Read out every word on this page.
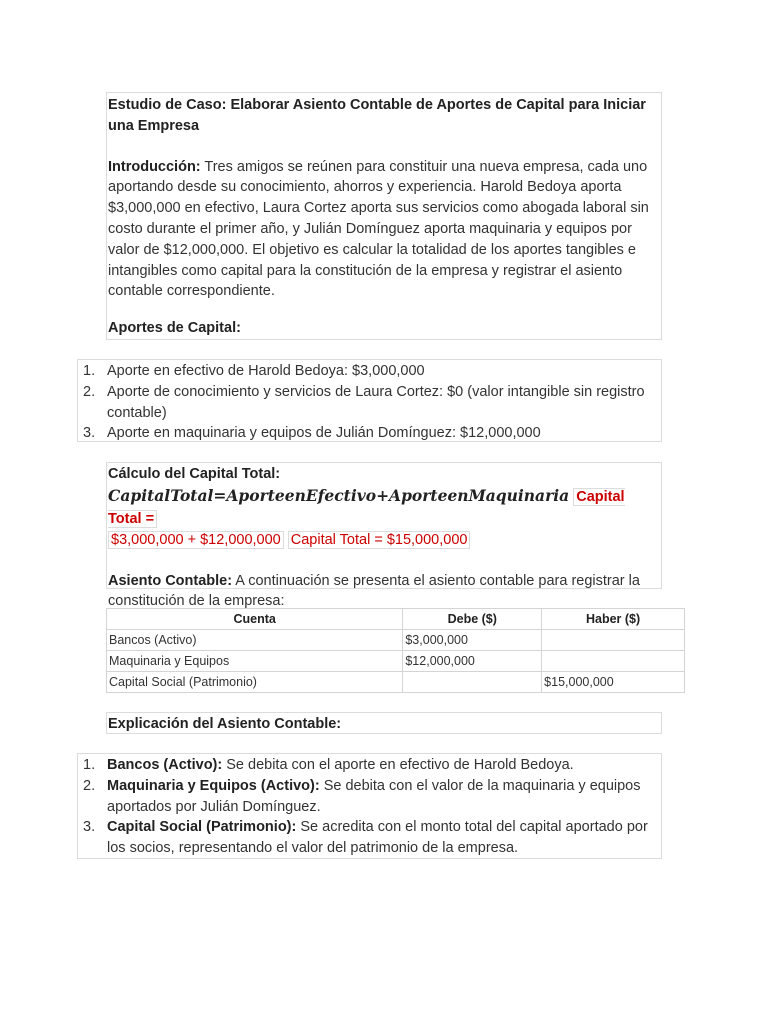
Estudio de Caso: Elaborar Asiento Contable de Aportes de Capital para Iniciar una Empresa

Introducción: Tres amigos se reúnen para constituir una nueva empresa, cada uno aportando desde su conocimiento, ahorros y experiencia. Harold Bedoya aporta $3,000,000 en efectivo, Laura Cortez aporta sus servicios como abogada laboral sin costo durante el primer año, y Julián Domínguez aporta maquinaria y equipos por valor de $12,000,000. El objetivo es calcular la totalidad de los aportes tangibles e intangibles como capital para la constitución de la empresa y registrar el asiento contable correspondiente.

Aportes de Capital:

1. Aporte en efectivo de Harold Bedoya: $3,000,000
2. Aporte de conocimiento y servicios de Laura Cortez: $0 (valor intangible sin registro contable)
3. Aporte en maquinaria y equipos de Julián Domínguez: $12,000,000

Cálculo del Capital Total:

CapitalTotal=AporteenEfectivo+AporteenMaquinaria Capital Total =

$3,000,000 + $12,000,000 Capital Total = $15,000,000

Asiento Contable: A continuación se presenta el asiento contable para registrar la constitución de la empresa:

Cuenta	Debe ($)	Haber ($)
Bancos (Activo)	$3,000,000	
Maquinaria y Equipos	$12,000,000	
Capital Social (Patrimonio)		$15,000,000

Explicación del Asiento Contable:

1. Bancos (Activo): Se debita con el aporte en efectivo de Harold Bedoya.
2. Maquinaria y Equipos (Activo): Se debita con el valor de la maquinaria y equipos aportados por Julián Domínguez.
3. Capital Social (Patrimonio): Se acredita con el monto total del capital aportado por los socios, representando el valor del patrimonio de la empresa.
